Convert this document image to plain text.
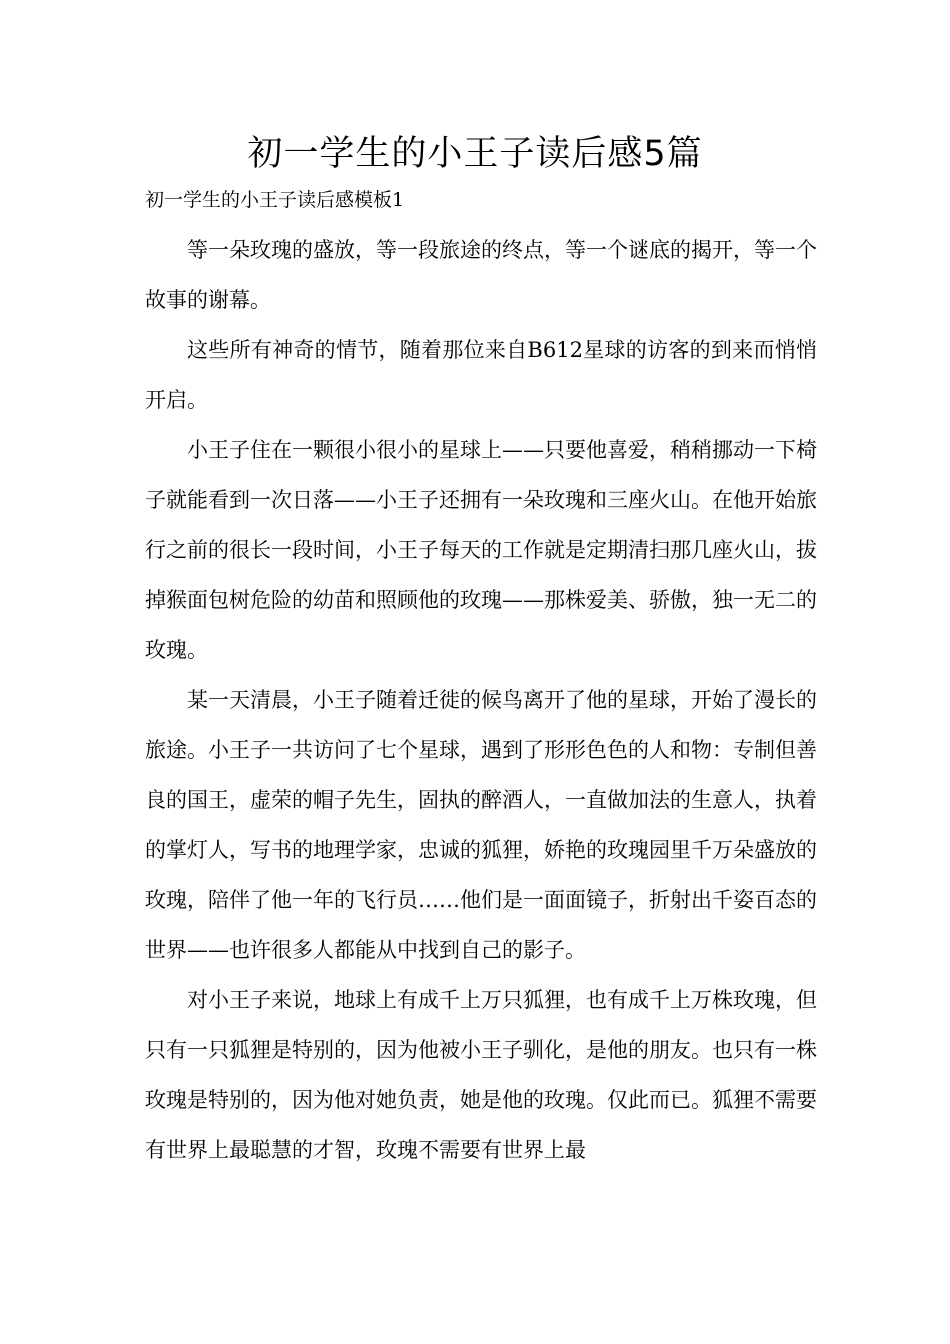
初一学生的小王子读后感5篇

初一学生的小王子读后感模板1

等一朵玫瑰的盛放，等一段旅途的终点，等一个谜底的揭开，等一个故事的谢幕。

这些所有神奇的情节，随着那位来自B612星球的访客的到来而悄悄开启。

小王子住在一颗很小很小的星球上——只要他喜爱，稍稍挪动一下椅子就能看到一次日落——小王子还拥有一朵玫瑰和三座火山。在他开始旅行之前的很长一段时间，小王子每天的工作就是定期清扫那几座火山，拔掉猴面包树危险的幼苗和照顾他的玫瑰——那株爱美、骄傲，独一无二的玫瑰。

某一天清晨，小王子随着迁徙的候鸟离开了他的星球，开始了漫长的旅途。小王子一共访问了七个星球，遇到了形形色色的人和物：专制但善良的国王，虚荣的帽子先生，固执的醉酒人，一直做加法的生意人，执着的掌灯人，写书的地理学家，忠诚的狐狸，娇艳的玫瑰园里千万朵盛放的玫瑰，陪伴了他一年的飞行员……他们是一面面镜子，折射出千姿百态的世界——也许很多人都能从中找到自己的影子。

对小王子来说，地球上有成千上万只狐狸，也有成千上万株玫瑰，但只有一只狐狸是特别的，因为他被小王子驯化，是他的朋友。也只有一株玫瑰是特别的，因为他对她负责，她是他的玫瑰。仅此而已。狐狸不需要有世界上最聪慧的才智，玫瑰不需要有世界上最
